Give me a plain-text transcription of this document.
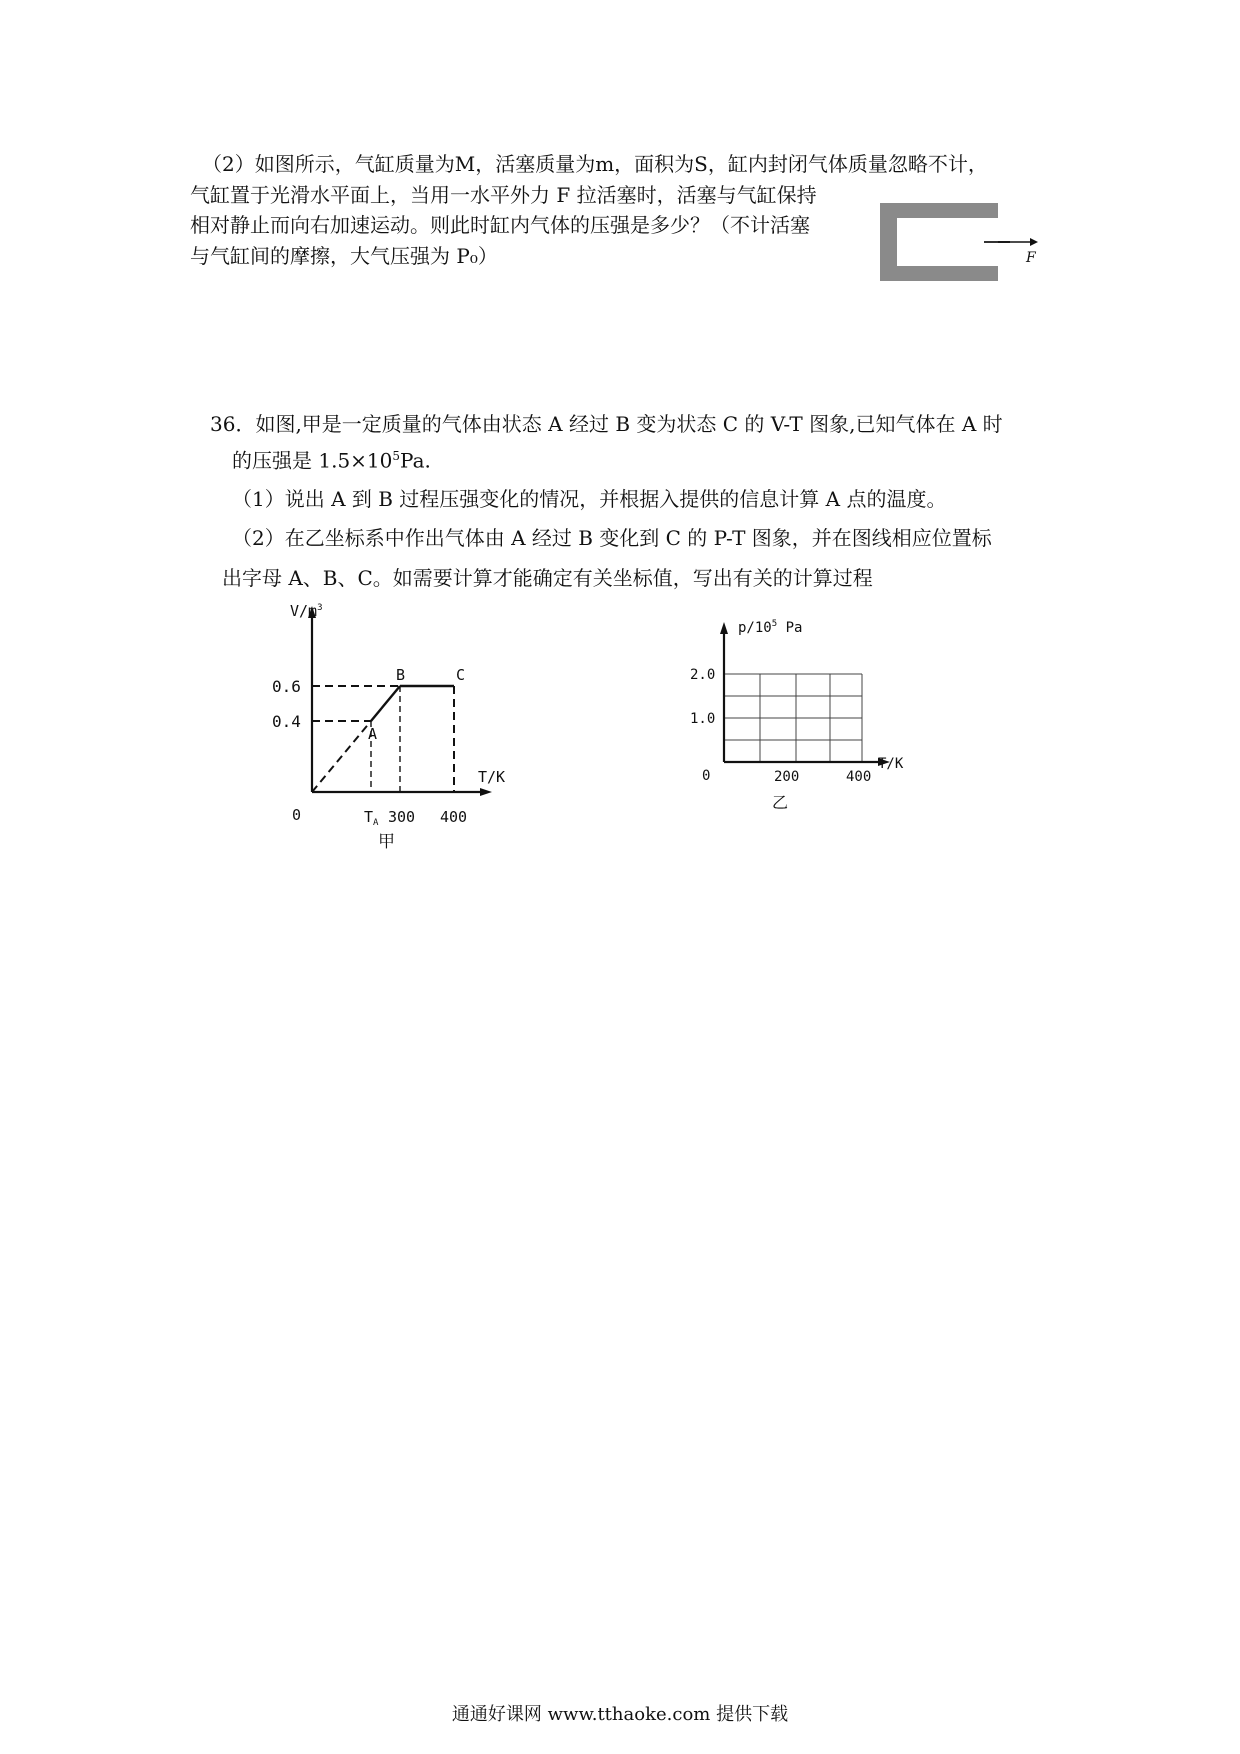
（2）如图所示，气缸质量为M，活塞质量为m，面积为S，缸内封闭气体质量忽略不计，
气缸置于光滑水平面上，当用一水平外力 F 拉活塞时，活塞与气缸保持
相对静止而向右加速运动。则此时缸内气体的压强是多少？（不计活塞
与气缸间的摩擦，大气压强为 P₀）	F
36．如图,甲是一定质量的气体由状态 A 经过 B 变为状态 C 的 V-T 图象,已知气体在 A 时
的压强是 $1.5\times 10^5Pa$.
（1）说出 A 到 B 过程压强变化的情况，并根据入提供的信息计算 A 点的温度。
（2）在乙坐标系中作出气体由 A 经过 B 变化到 C 的 P-T 图象，并在图线相应位置标
出字母 A、B、C。如需要计算才能确定有关坐标值，写出有关的计算过程
$V/m^3$
T/K
0
0.6
0.4
$T_A$ 300 400
A
B	C
甲
$p/10^5$ Pa
T/K
0
2.0
1.0
200	400
乙
通通好课网 www.tthaoke.com 提供下载
